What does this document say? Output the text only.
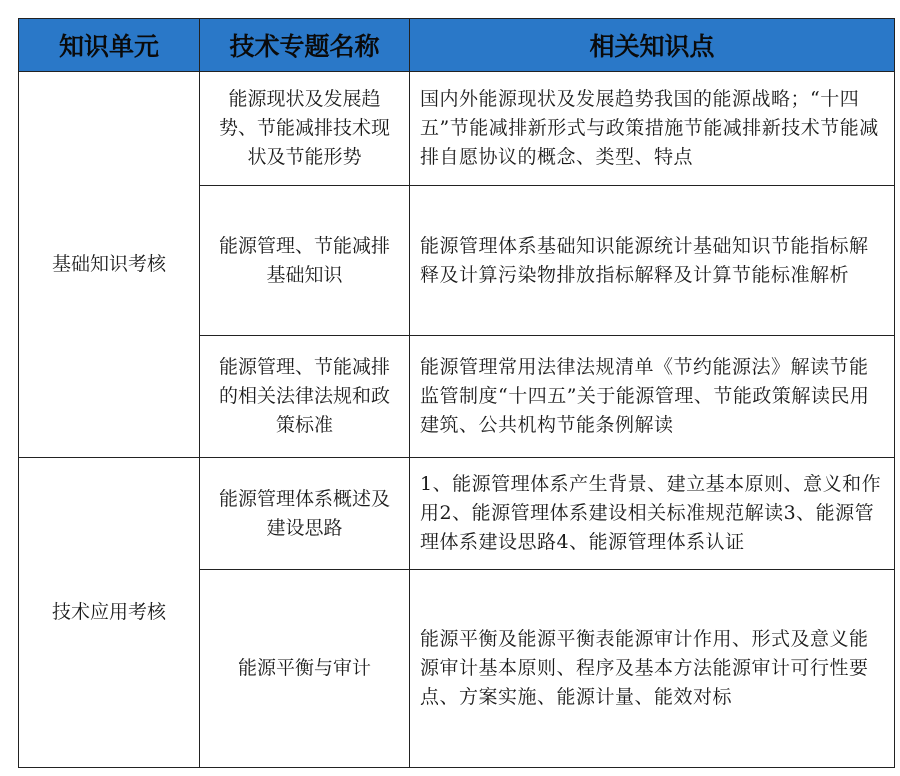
知识单元	技术专题名称	相关知识点
基础知识考核	能源现状及发展趋势、节能减排技术现状及节能形势	国内外能源现状及发展趋势我国的能源战略；“十四五”节能减排新形式与政策措施节能减排新技术节能减排自愿协议的概念、类型、特点
	能源管理、节能减排基础知识	能源管理体系基础知识能源统计基础知识节能指标解释及计算污染物排放指标解释及计算节能标准解析
	能源管理、节能减排的相关法律法规和政策标准	能源管理常用法律法规清单《节约能源法》解读节能监管制度“十四五”关于能源管理、节能政策解读民用建筑、公共机构节能条例解读
技术应用考核	能源管理体系概述及建设思路	1、能源管理体系产生背景、建立基本原则、意义和作用2、能源管理体系建设相关标准规范解读3、能源管理体系建设思路4、能源管理体系认证
	能源平衡与审计	能源平衡及能源平衡表能源审计作用、形式及意义能源审计基本原则、程序及基本方法能源审计可行性要点、方案实施、能源计量、能效对标
